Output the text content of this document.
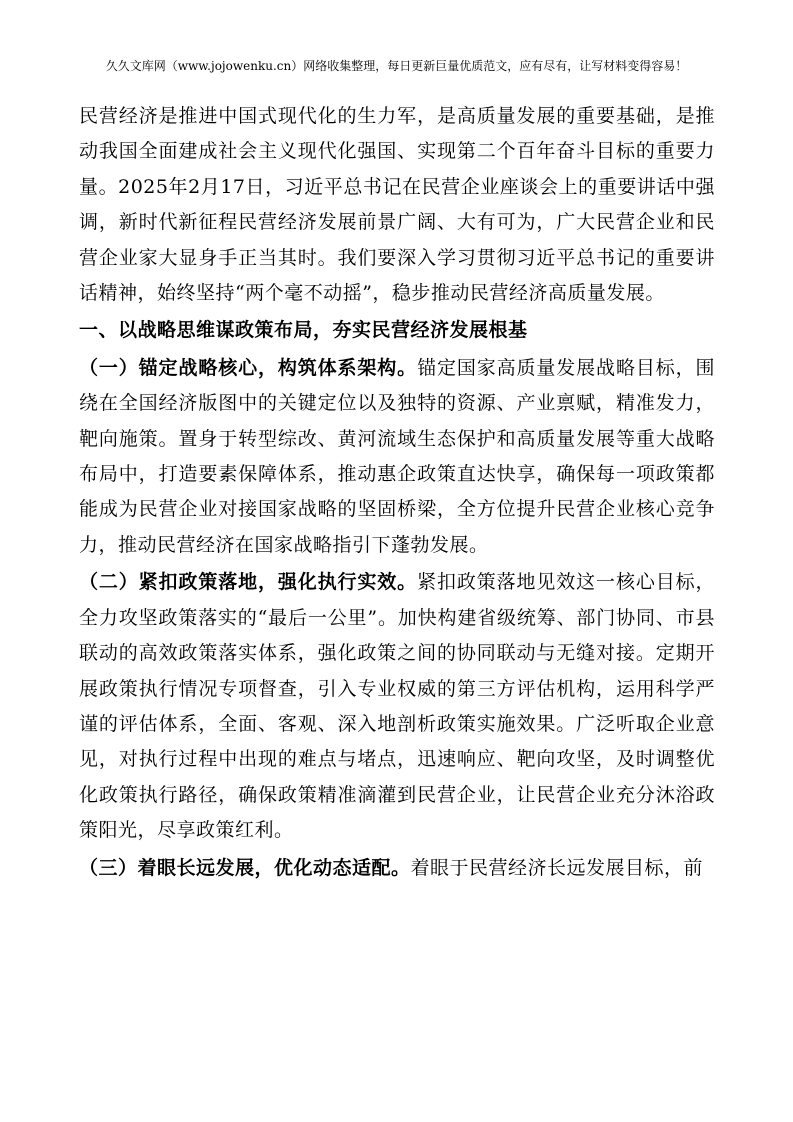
久久文库网（www.jojowenku.cn）网络收集整理，每日更新巨量优质范文，应有尽有，让写材料变得容易！

民营经济是推进中国式现代化的生力军，是高质量发展的重要基础，是推动我国全面建成社会主义现代化强国、实现第二个百年奋斗目标的重要力量。2025年2月17日，习近平总书记在民营企业座谈会上的重要讲话中强调，新时代新征程民营经济发展前景广阔、大有可为，广大民营企业和民营企业家大显身手正当其时。我们要深入学习贯彻习近平总书记的重要讲话精神，始终坚持“两个毫不动摇”，稳步推动民营经济高质量发展。

一、以战略思维谋政策布局，夯实民营经济发展根基

（一）锚定战略核心，构筑体系架构。锚定国家高质量发展战略目标，围绕在全国经济版图中的关键定位以及独特的资源、产业禀赋，精准发力，靶向施策。置身于转型综改、黄河流域生态保护和高质量发展等重大战略布局中，打造要素保障体系，推动惠企政策直达快享，确保每一项政策都能成为民营企业对接国家战略的坚固桥梁，全方位提升民营企业核心竞争力，推动民营经济在国家战略指引下蓬勃发展。

（二）紧扣政策落地，强化执行实效。紧扣政策落地见效这一核心目标，全力攻坚政策落实的“最后一公里”。加快构建省级统筹、部门协同、市县联动的高效政策落实体系，强化政策之间的协同联动与无缝对接。定期开展政策执行情况专项督查，引入专业权威的第三方评估机构，运用科学严谨的评估体系，全面、客观、深入地剖析政策实施效果。广泛听取企业意见，对执行过程中出现的难点与堵点，迅速响应、靶向攻坚，及时调整优化政策执行路径，确保政策精准滴灌到民营企业，让民营企业充分沐浴政策阳光，尽享政策红利。

（三）着眼长远发展，优化动态适配。着眼于民营经济长远发展目标，前
